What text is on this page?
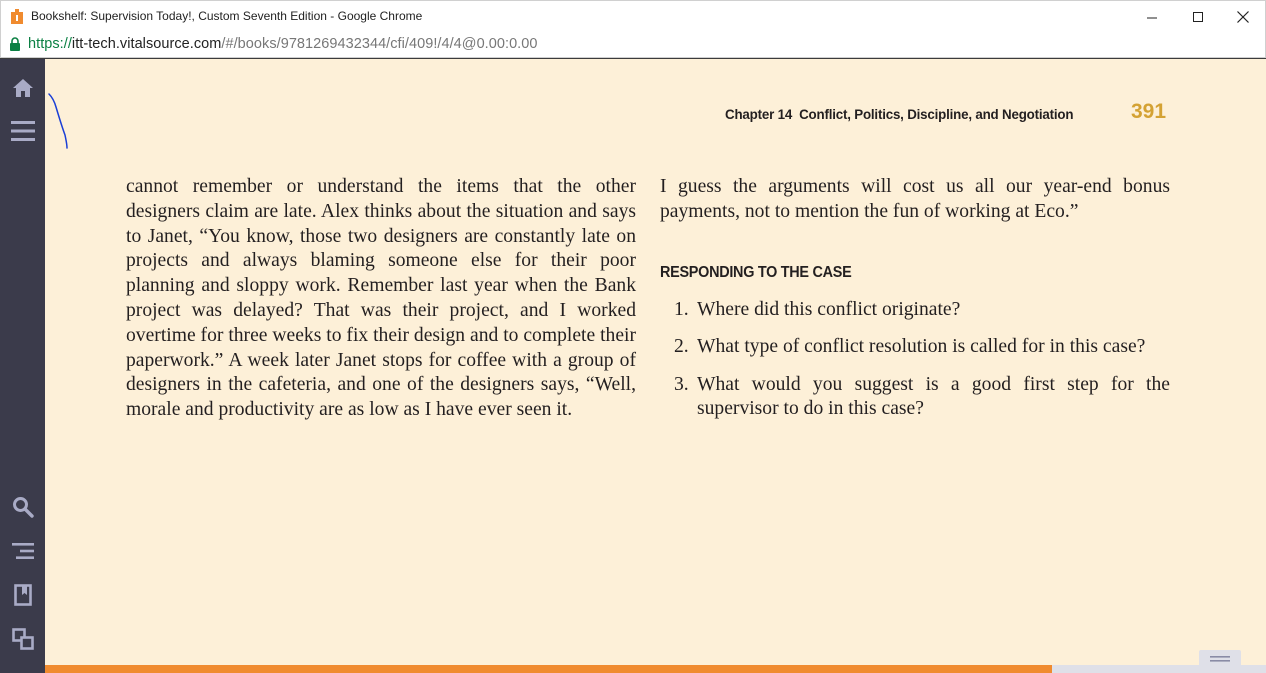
Bookshelf: Supervision Today!, Custom Seventh Edition - Google Chrome
https://itt-tech.vitalsource.com/#/books/9781269432344/cfi/409!/4/4@0.00:0.00
Chapter 14  Conflict, Politics, Discipline, and Negotiation	391

cannot remember or understand the items that the other designers claim are late. Alex thinks about the situation and says to Janet, “You know, those two designers are constantly late on projects and always blaming someone else for their poor planning and sloppy work. Remember last year when the Bank project was delayed? That was their project, and I worked overtime for three weeks to fix their design and to complete their paperwork.” A week later Janet stops for coffee with a group of designers in the cafeteria, and one of the designers says, “Well, morale and productivity are as low as I have ever seen it.

I guess the arguments will cost us all our year-end bonus payments, not to mention the fun of working at Eco.”

RESPONDING TO THE CASE
1. Where did this conflict originate?
2. What type of conflict resolution is called for in this case?
3. What would you suggest is a good first step for the supervisor to do in this case?
